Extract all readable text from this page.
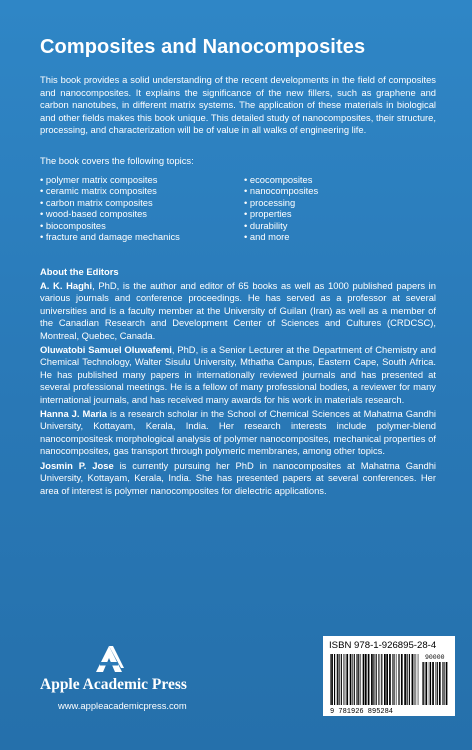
Composites and Nanocomposites

This book provides a solid understanding of the recent developments in the field of composites and nanocomposites. It explains the significance of the new fillers, such as graphene and carbon nanotubes, in different matrix systems. The application of these materials in biological and other fields makes this book unique. This detailed study of nanocomposites, their structure, processing, and characterization will be of value in all walks of engineering life.

The book covers the following topics:

• polymer matrix composites
• ceramic matrix composites
• carbon matrix composites
• wood-based composites
• biocomposites
• fracture and damage mechanics
• ecocomposites
• nanocomposites
• processing
• properties
• durability
• and more

About the Editors

A. K. Haghi, PhD, is the author and editor of 65 books as well as 1000 published papers in various journals and conference proceedings. He has served as a professor at several universities and is a faculty member at the University of Guilan (Iran) as well as a member of the Canadian Research and Development Center of Sciences and Cultures (CRDCSC), Montreal, Quebec, Canada.

Oluwatobi Samuel Oluwafemi, PhD, is a Senior Lecturer at the Department of Chemistry and Chemical Technology, Walter Sisulu University, Mthatha Campus, Eastern Cape, South Africa. He has published many papers in internationally reviewed journals and has presented at several professional meetings. He is a fellow of many professional bodies, a reviewer for many international journals, and has received many awards for his work in materials research.

Hanna J. Maria is a research scholar in the School of Chemical Sciences at Mahatma Gandhi University, Kottayam, Kerala, India. Her research interests include polymer-blend nanocompositesk morphological analysis of polymer nanocomposites, mechanical properties of nanocomposites, gas transport through polymeric membranes, among other topics.

Josmin P. Jose is currently pursuing her PhD in nanocomposites at Mahatma Gandhi University, Kottayam, Kerala, India. She has presented papers at several conferences. Her area of interest is polymer nanocomposites for dielectric applications.

Apple Academic Press
www.appleacademicpress.com
ISBN 978-1-926895-28-4
9 781926 895284
90000
